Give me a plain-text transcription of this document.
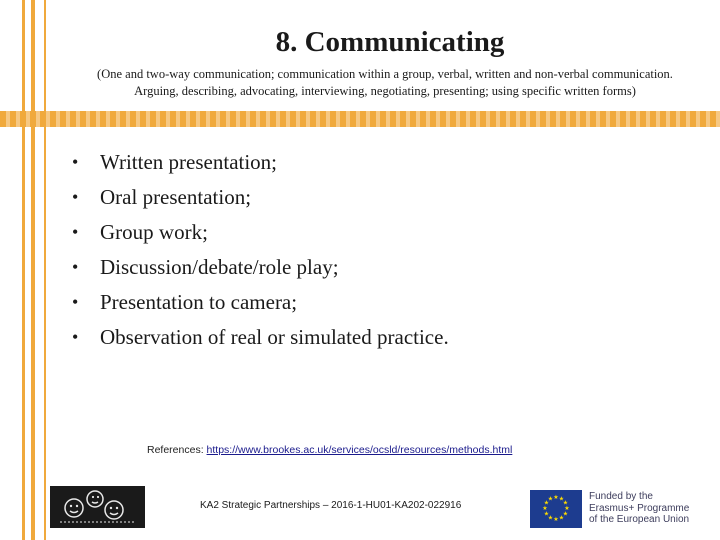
8. Communicating
(One and two-way communication; communication within a group, verbal, written and non-verbal communication.
Arguing, describing, advocating, interviewing, negotiating, presenting; using specific written forms)
•	Written presentation;
•	Oral presentation;
•	Group work;
•	Discussion/debate/role play;
•	Presentation to camera;
•	Observation of real or simulated practice.
References: https://www.brookes.ac.uk/services/ocsld/resources/methods.html
KA2 Strategic Partnerships – 2016-1-HU01-KA202-022916
★ ★
★
★
★
★
★
★
★
★
★
★	Funded by the
Erasmus+ Programme
of the European Union
